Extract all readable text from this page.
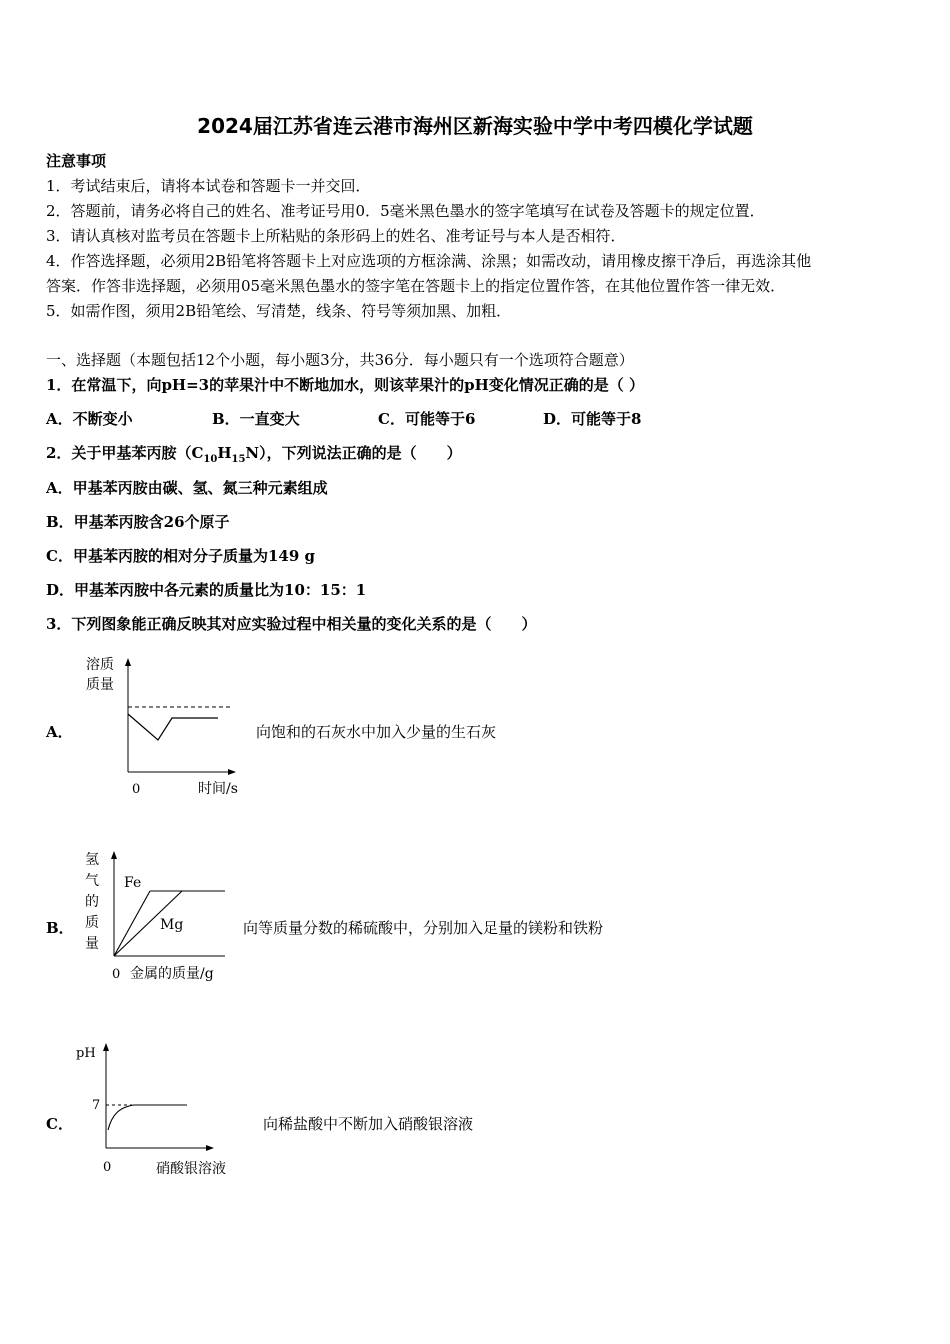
2024届江苏省连云港市海州区新海实验中学中考四模化学试题
注意事项
1．考试结束后，请将本试卷和答题卡一并交回．
2．答题前，请务必将自己的姓名、准考证号用0．5毫米黑色墨水的签字笔填写在试卷及答题卡的规定位置．
3．请认真核对监考员在答题卡上所粘贴的条形码上的姓名、准考证号与本人是否相符．
4．作答选择题，必须用2B铅笔将答题卡上对应选项的方框涂满、涂黑；如需改动，请用橡皮擦干净后，再选涂其他
答案．作答非选择题，必须用05毫米黑色墨水的签字笔在答题卡上的指定位置作答，在其他位置作答一律无效．
5．如需作图，须用2B铅笔绘、写清楚，线条、符号等须加黑、加粗．
一、选择题（本题包括12个小题，每小题3分，共36分．每小题只有一个选项符合题意）
1．在常温下，向pH=3的苹果汁中不断地加水，则该苹果汁的pH变化情况正确的是（ ）
A．不断变小	B．一直变大	C．可能等于6	D．可能等于8
2．关于甲基苯丙胺$(C_{10}H_{15}N)$，下列说法正确的是（　　）
A．甲基苯丙胺由碳、氢、氮三种元素组成
B．甲基苯丙胺含26个原子
C．甲基苯丙胺的相对分子质量为149 g
D．甲基苯丙胺中各元素的质量比为10：15：1
3．下列图象能正确反映其对应实验过程中相关量的变化关系的是（　　）
A．
溶质
质量
0	时间/s
向饱和的石灰水中加入少量的生石灰
B．
氢
气
的
质
量
Fe
Mg
0 金属的质量/g
向等质量分数的稀硫酸中，分别加入足量的镁粉和铁粉
C．
pH
7
0	硝酸银溶液
向稀盐酸中不断加入硝酸银溶液
